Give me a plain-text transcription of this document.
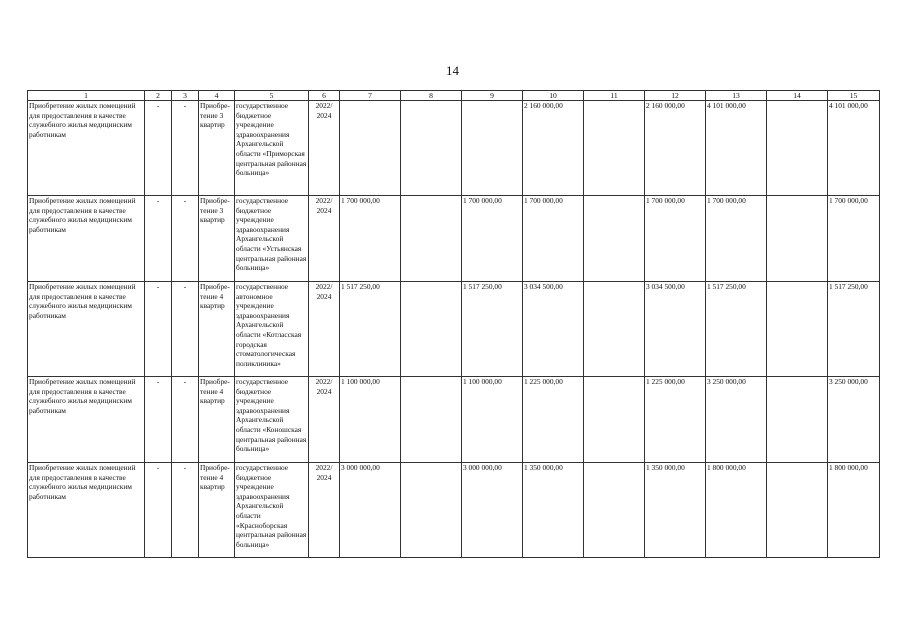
14
1	2	3	4	5	6	7	8	9	10	11	12	13	14	15
Приобретение жилых помещений для предоставления в качестве служебного жилья медицинским работникам	-	-	Приобре-тение 3 квартир	государственное бюджетное учреждение здравоохранения Архангельской области «Приморская центральная районная больница»	2022/ 2024				2 160 000,00		2 160 000,00	4 101 000,00		4 101 000,00
Приобретение жилых помещений для предоставления в качестве служебного жилья медицинским работникам	-	-	Приобре-тение 3 квартир	государственное бюджетное учреждение здравоохранения Архангельской области «Устьянская центральная районная больница»	2022/ 2024	1 700 000,00		1 700 000,00	1 700 000,00		1 700 000,00	1 700 000,00		1 700 000,00
Приобретение жилых помещений для предоставления в качестве служебного жилья медицинским работникам	-	-	Приобре-тение 4 квартир	государственное автономное учреждение здравоохранения Архангельской области «Котласская городская стоматологическая поликлиника»	2022/ 2024	1 517 250,00		1 517 250,00	3 034 500,00		3 034 500,00	1 517 250,00		1 517 250,00
Приобретение жилых помещений для предоставления в качестве служебного жилья медицинским работникам	-	-	Приобре-тение 4 квартир	государственное бюджетное учреждение здравоохранения Архангельской области «Коношская центральная районная больница»	2022/ 2024	1 100 000,00		1 100 000,00	1 225 000,00		1 225 000,00	3 250 000,00		3 250 000,00
Приобретение жилых помещений для предоставления в качестве служебного жилья медицинским работникам	-	-	Приобре-тение 4 квартир	государственное бюджетное учреждение здравоохранения Архангельской области «Красноборская центральная районная больница»	2022/ 2024	3 000 000,00		3 000 000,00	1 350 000,00		1 350 000,00	1 800 000,00		1 800 000,00
